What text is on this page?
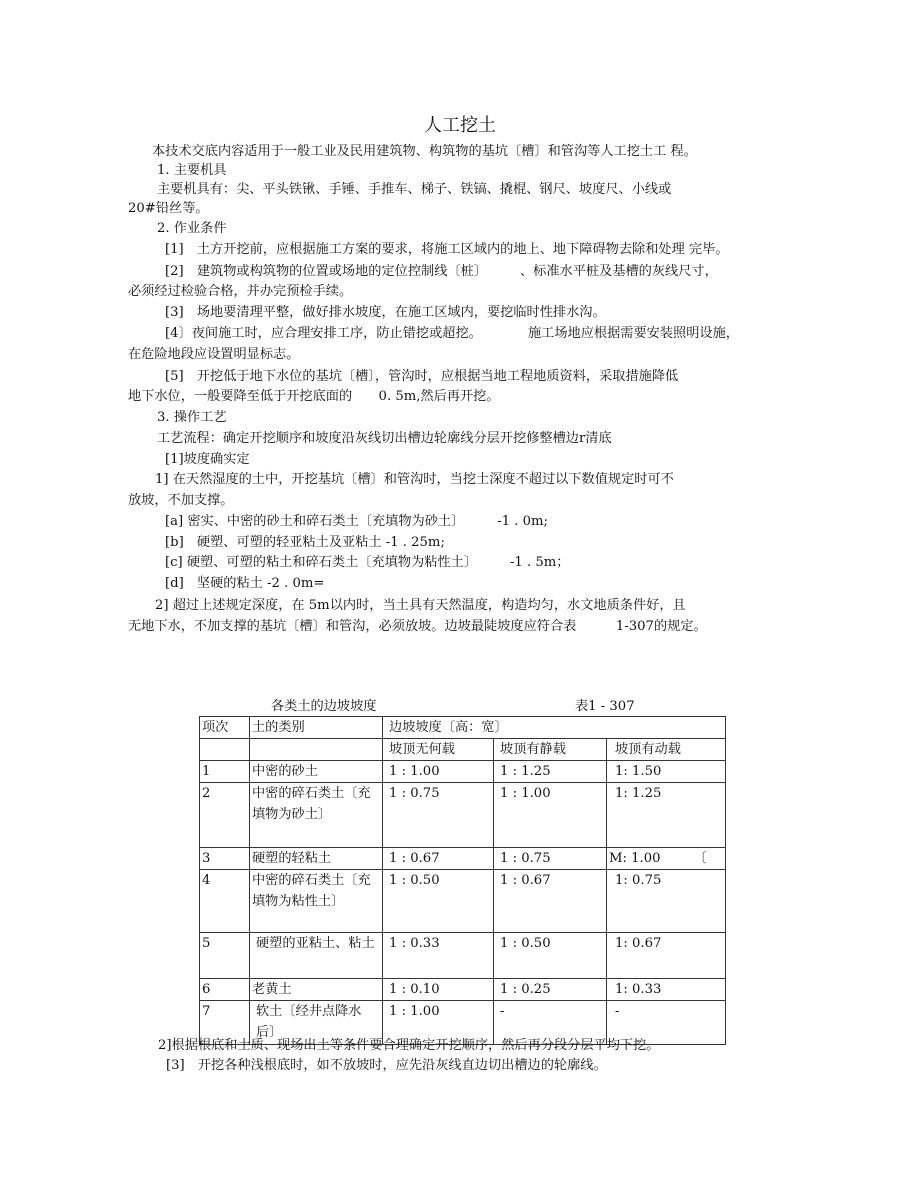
人工挖土
本技术交底内容适用于一般工业及民用建筑物、构筑物的基坑〔槽〕和管沟等人工挖土工 程。
1. 主要机具
主要机具有：尖、平头铁锹、手锤、手推车、梯子、铁镐、撬棍、钢尺、坡度尺、小线或
20#铅丝等。
2. 作业条件
[1]　土方开挖前，应根据施工方案的要求，将施工区域内的地上、地下障碍物去除和处理 完毕。
[2]　建筑物或构筑物的位置或场地的定位控制线〔桩〕　　　、标准水平桩及基槽的灰线尺寸，
必须经过检验合格，并办完预检手续。
[3]　场地要清理平整，做好排水坡度，在施工区域内，要挖临时性排水沟。
[4〕夜间施工时，应合理安排工序，防止错挖或超挖。　　　　施工场地应根据需要安装照明设施，
在危险地段应设置明显标志。
[5]　开挖低于地下水位的基坑〔槽〕，管沟时，应根据当地工程地质资料，采取措施降低
地下水位，一般要降至低于开挖底面的　　0. 5m,然后再开挖。
3. 操作工艺
工艺流程：确定开挖顺序和坡度沿灰线切出槽边轮廓线分层开挖修整槽边r清底
[1]坡度确实定
1] 在天然湿度的土中，开挖基坑〔槽〕和管沟时，当挖土深度不超过以下数值规定时可不
放坡，不加支撑。
[a] 密实、中密的砂土和碎石类土〔充填物为砂土〕　　　-1 . 0m;
[b]　硬塑、可塑的轻亚粘土及亚粘土 -1 . 25m;
[c] 硬塑、可塑的粘土和碎石类土〔充填物为粘性土〕　　　-1 . 5m；
[d]　坚硬的粘土 -2 . 0m=
2] 超过上述规定深度，在 5m以内时，当土具有天然温度，构造均匀，水文地质条件好，且
无地下水，不加支撑的基坑〔槽〕和管沟，必须放坡。边坡最陡坡度应符合表　　　1-307的规定。
各类土的边坡坡度	表1 - 307
项次	土的类别	边坡坡度〔高：宽〕		
		坡顶无何载	坡顶有静载	坡顶有动载
1	中密的砂土	1 : 1.00	1 : 1.25	1: 1.50
2	中密的碎石类土〔充填物为砂土〕	1 : 0.75	1 : 1.00	1: 1.25
3	硬塑的轻粘土	1 : 0.67	1 : 0.75	M: 1.00　　　〔
4	中密的碎石类土〔充填物为粘性土〕	1 : 0.50	1 : 0.67	1: 0.75
5	硬塑的亚粘土、粘土	1 : 0.33	1 : 0.50	1: 0.67
6	老黄土	1 : 0.10	1 : 0.25	1: 0.33
7	软土〔经井点降水后〕	1 : 1.00	-	-
2]根据根底和土质、现场出土等条件要合理确定开挖顺序，然后再分段分层平均下挖。
[3]　开挖各种浅根底时，如不放坡时，应先沿灰线直边切出槽边的轮廓线。
